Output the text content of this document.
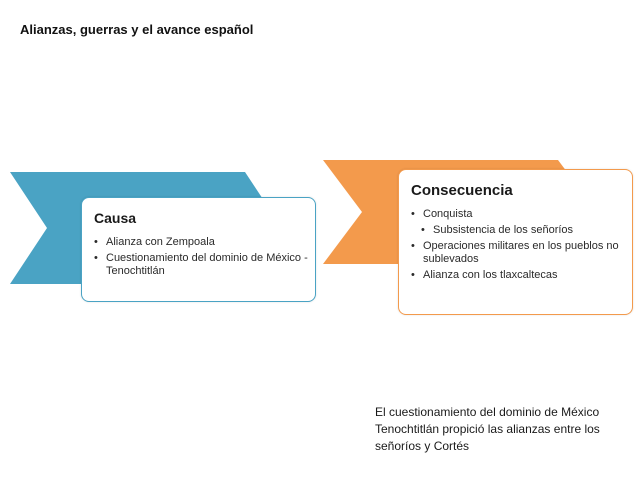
Alianzas, guerras y el avance español
Causa
• Alianza con Zempoala
• Cuestionamiento del dominio de México - Tenochtitlán
Consecuencia
• Conquista
• Subsistencia de los señoríos
• Operaciones militares en los pueblos no sublevados
• Alianza con los tlaxcaltecas
El cuestionamiento del dominio de México Tenochtitlán propició las alianzas entre los señoríos y Cortés
